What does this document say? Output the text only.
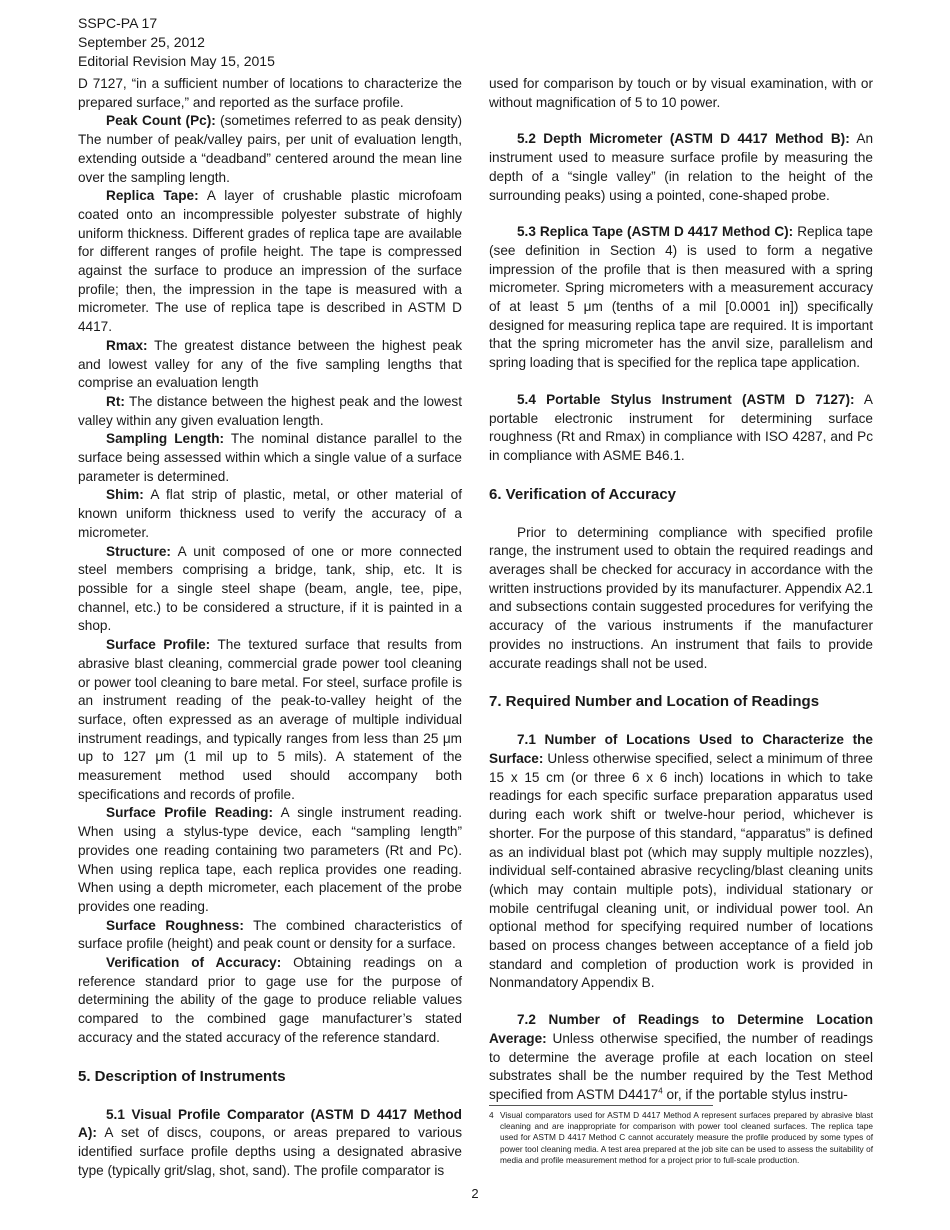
SSPC-PA 17
September 25, 2012
Editorial Revision May 15, 2015

D 7127, “in a sufficient number of locations to characterize the prepared surface,” and reported as the surface profile.

Peak Count (Pc): (sometimes referred to as peak density) The number of peak/valley pairs, per unit of evaluation length, extending outside a “deadband” centered around the mean line over the sampling length.

Replica Tape: A layer of crushable plastic microfoam coated onto an incompressible polyester substrate of highly uniform thickness. Different grades of replica tape are available for different ranges of profile height. The tape is compressed against the surface to produce an impression of the surface profile; then, the impression in the tape is measured with a micrometer. The use of replica tape is described in ASTM D 4417.

Rmax: The greatest distance between the highest peak and lowest valley for any of the five sampling lengths that comprise an evaluation length

Rt: The distance between the highest peak and the lowest valley within any given evaluation length.

Sampling Length: The nominal distance parallel to the surface being assessed within which a single value of a surface parameter is determined.

Shim: A flat strip of plastic, metal, or other material of known uniform thickness used to verify the accuracy of a micrometer.

Structure: A unit composed of one or more connected steel members comprising a bridge, tank, ship, etc. It is possible for a single steel shape (beam, angle, tee, pipe, channel, etc.) to be considered a structure, if it is painted in a shop.

Surface Profile: The textured surface that results from abrasive blast cleaning, commercial grade power tool cleaning or power tool cleaning to bare metal. For steel, surface profile is an instrument reading of the peak-to-valley height of the surface, often expressed as an average of multiple individual instrument readings, and typically ranges from less than 25 μm up to 127 μm (1 mil up to 5 mils). A statement of the measurement method used should accompany both specifications and records of profile.

Surface Profile Reading: A single instrument reading. When using a stylus-type device, each “sampling length” provides one reading containing two parameters (Rt and Pc). When using replica tape, each replica provides one reading. When using a depth micrometer, each placement of the probe provides one reading.

Surface Roughness: The combined characteristics of surface profile (height) and peak count or density for a surface.

Verification of Accuracy: Obtaining readings on a reference standard prior to gage use for the purpose of determining the ability of the gage to produce reliable values compared to the combined gage manufacturer’s stated accuracy and the stated accuracy of the reference standard.

5. Description of Instruments

5.1 Visual Profile Comparator (ASTM D 4417 Method A): A set of discs, coupons, or areas prepared to various identified surface profile depths using a designated abrasive type (typically grit/slag, shot, sand). The profile comparator is

used for comparison by touch or by visual examination, with or without magnification of 5 to 10 power.

5.2 Depth Micrometer (ASTM D 4417 Method B): An instrument used to measure surface profile by measuring the depth of a “single valley” (in relation to the height of the surrounding peaks) using a pointed, cone-shaped probe.

5.3 Replica Tape (ASTM D 4417 Method C): Replica tape (see definition in Section 4) is used to form a negative impression of the profile that is then measured with a spring micrometer. Spring micrometers with a measurement accuracy of at least 5 μm (tenths of a mil [0.0001 in]) specifically designed for measuring replica tape are required. It is important that the spring micrometer has the anvil size, parallelism and spring loading that is specified for the replica tape application.

5.4 Portable Stylus Instrument (ASTM D 7127): A portable electronic instrument for determining surface roughness (Rt and Rmax) in compliance with ISO 4287, and Pc in compliance with ASME B46.1.

6. Verification of Accuracy

Prior to determining compliance with specified profile range, the instrument used to obtain the required readings and averages shall be checked for accuracy in accordance with the written instructions provided by its manufacturer. Appendix A2.1 and subsections contain suggested procedures for verifying the accuracy of the various instruments if the manufacturer provides no instructions. An instrument that fails to provide accurate readings shall not be used.

7. Required Number and Location of Readings

7.1 Number of Locations Used to Characterize the Surface: Unless otherwise specified, select a minimum of three 15 x 15 cm (or three 6 x 6 inch) locations in which to take readings for each specific surface preparation apparatus used during each work shift or twelve-hour period, whichever is shorter. For the purpose of this standard, “apparatus” is defined as an individual blast pot (which may supply multiple nozzles), individual self-contained abrasive recycling/blast cleaning units (which may contain multiple pots), individual stationary or mobile centrifugal cleaning unit, or individual power tool. An optional method for specifying required number of locations based on process changes between acceptance of a field job standard and completion of production work is provided in Nonmandatory Appendix B.

7.2 Number of Readings to Determine Location Average: Unless otherwise specified, the number of readings to determine the average profile at each location on steel substrates shall be the number required by the Test Method specified from ASTM D4417$^4$ or, if the portable stylus instru-

4 Visual comparators used for ASTM D 4417 Method A represent surfaces prepared by abrasive blast cleaning and are inappropriate for comparison with power tool cleaned surfaces. The replica tape used for ASTM D 4417 Method C cannot accurately measure the profile produced by some types of power tool cleaning media. A test area prepared at the job site can be used to assess the suitability of media and profile measurement method for a project prior to full-scale production.
2
